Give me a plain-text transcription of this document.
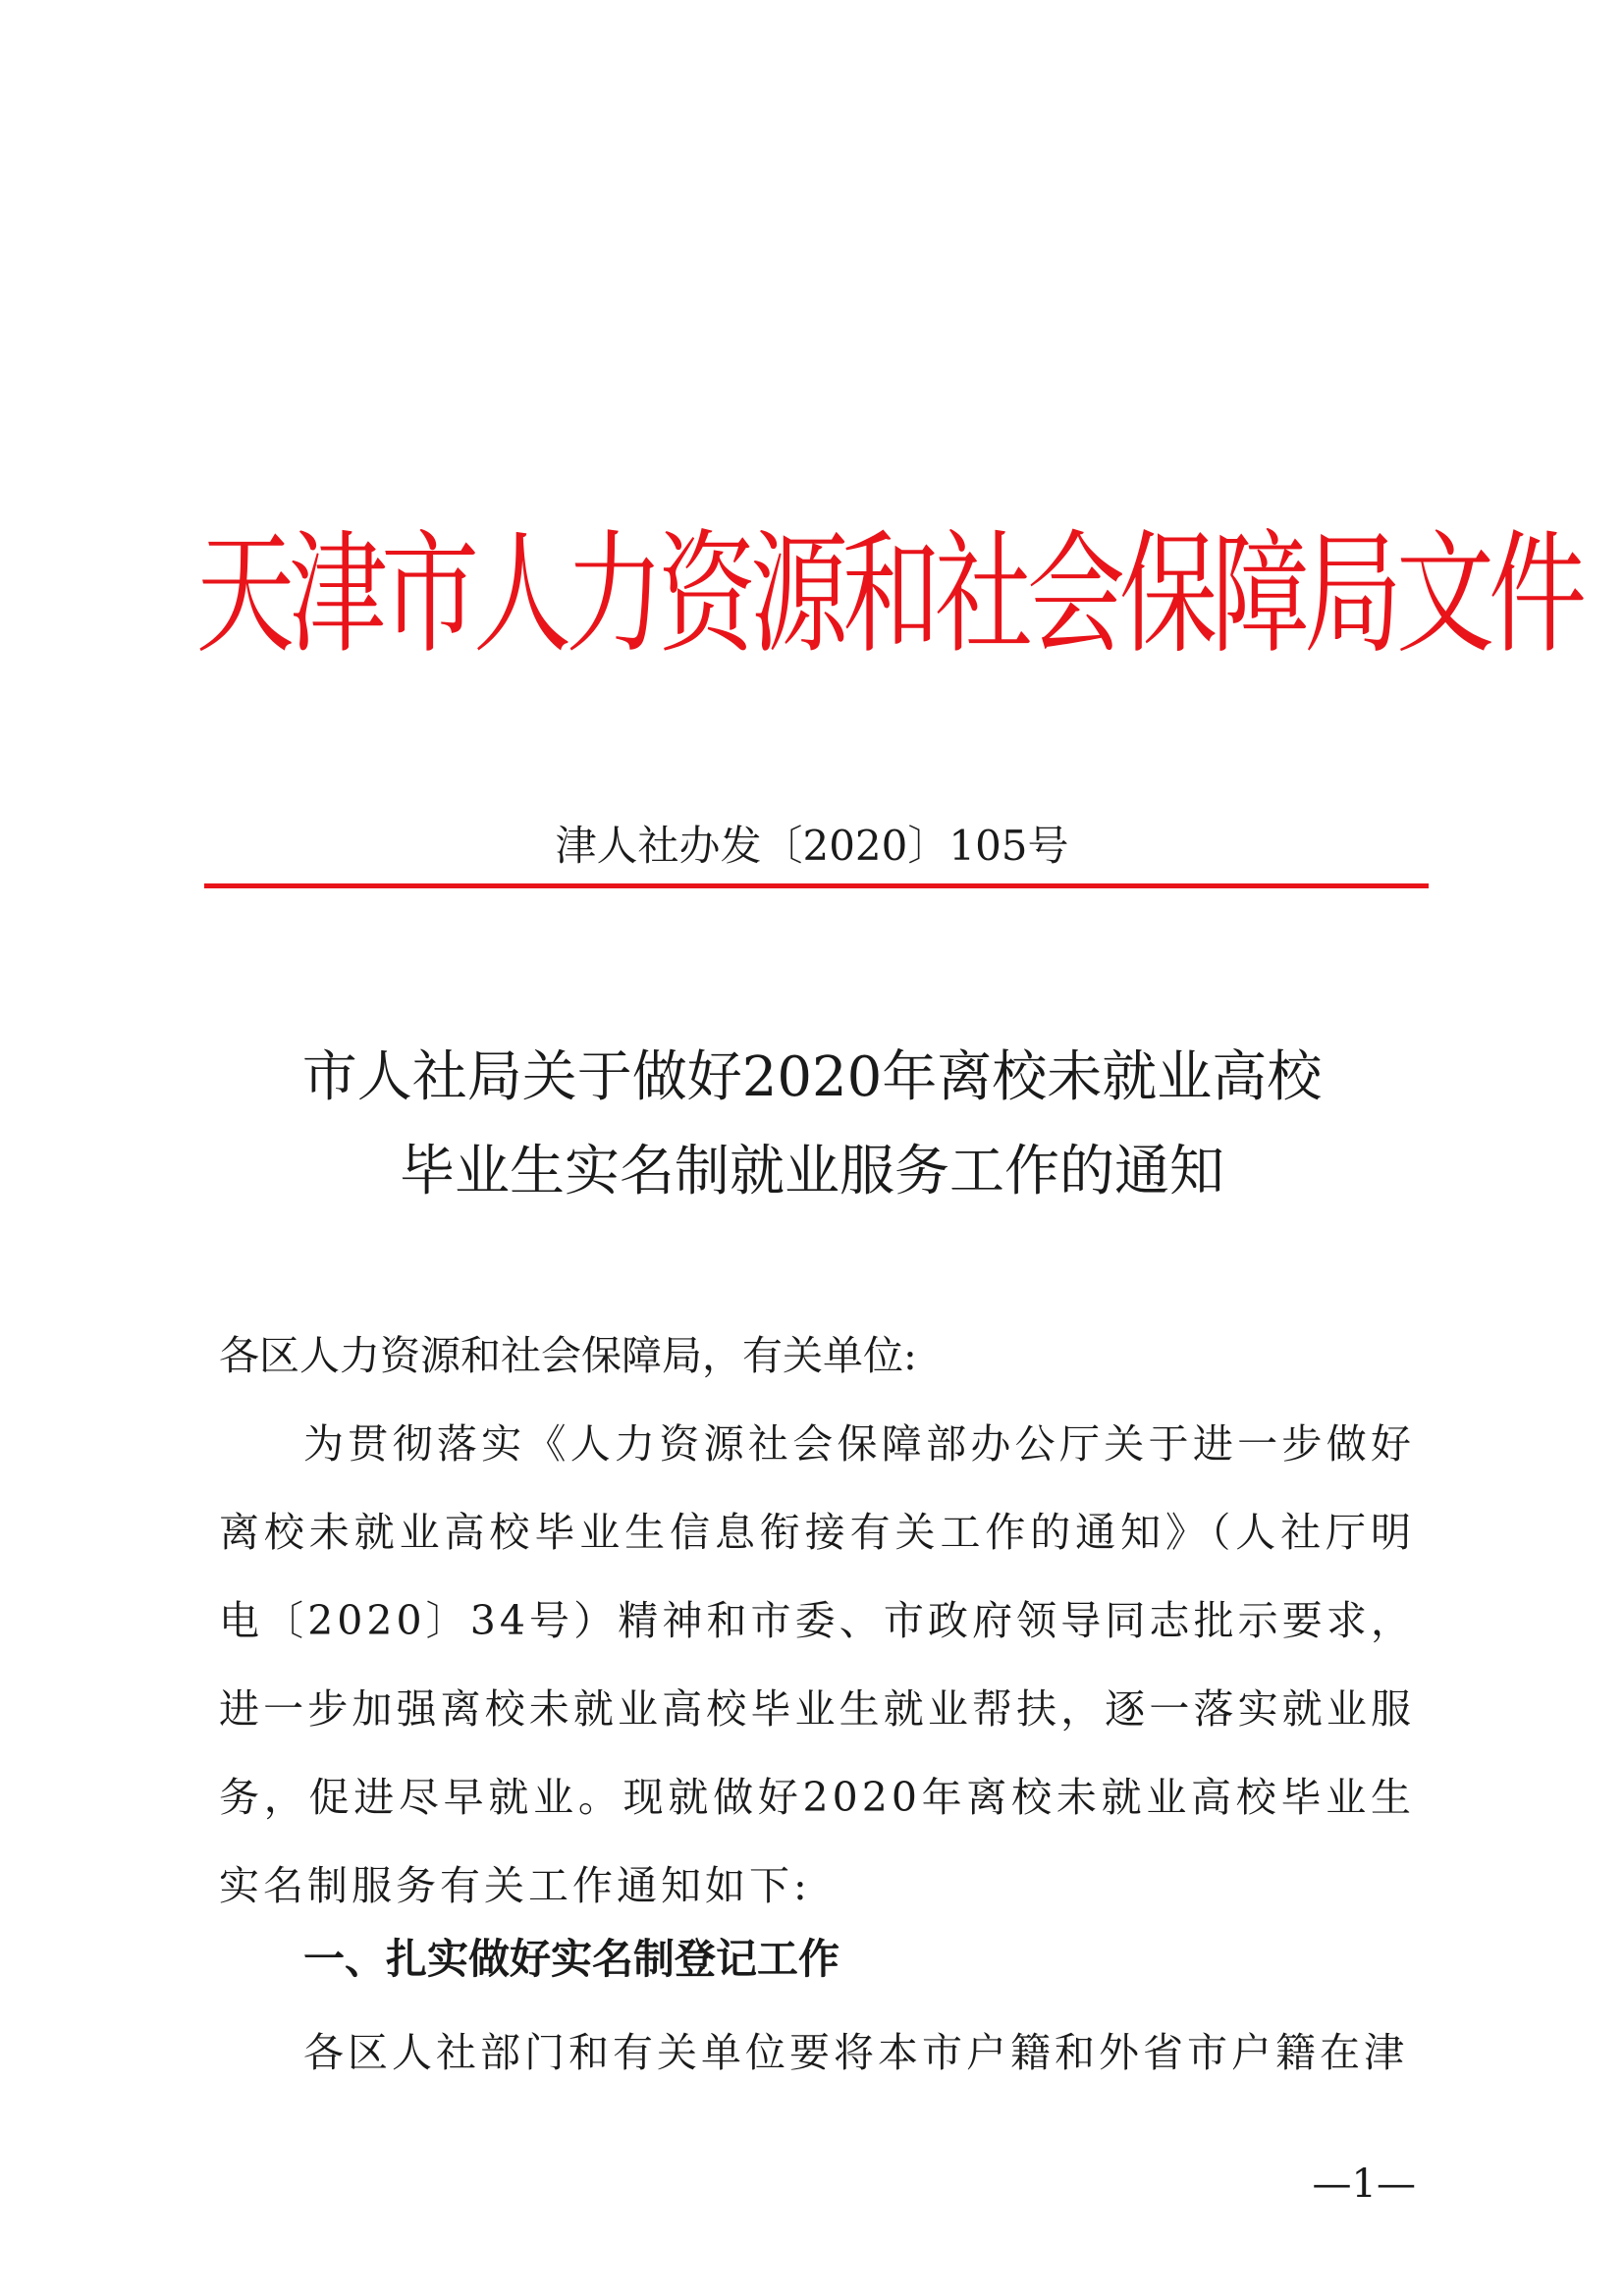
天津市人力资源和社会保障局文件
津人社办发〔2020〕105号
市人社局关于做好2020年离校未就业高校
毕业生实名制就业服务工作的通知
各区人力资源和社会保障局，有关单位:
为贯彻落实《人力资源社会保障部办公厅关于进一步做好离校未就业高校毕业生信息衔接有关工作的通知》（人社厅明电〔2020〕34号）精神和市委、市政府领导同志批示要求，进一步加强离校未就业高校毕业生就业帮扶，逐一落实就业服务，促进尽早就业。现就做好2020年离校未就业高校毕业生实名制服务有关工作通知如下:
一、扎实做好实名制登记工作
各区人社部门和有关单位要将本市户籍和外省市户籍在津
—1—
